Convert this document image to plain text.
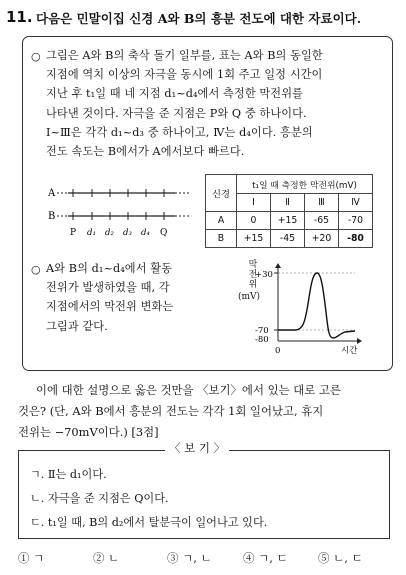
11. 다음은 민말이집 신경 A와 B의 흥분 전도에 대한 자료이다.
○ 그림은 A와 B의 축삭 돌기 일부를, 표는 A와 B의 동일한
지점에 역치 이상의 자극을 동시에 1회 주고 일정 시간이
지난 후 t₁일 때 네 지점 d₁~d₄에서 측정한 막전위를
나타낸 것이다. 자극을 준 지점은 P와 Q 중 하나이다.
Ⅰ~Ⅲ은 각각 d₁~d₃ 중 하나이고, Ⅳ는 d₄이다. 흥분의
전도 속도는 B에서가 A에서보다 빠르다.
A
B
P d₁ d₂ d₃ d₄ Q
신경	t₁일 때 측정한 막전위(mV)			
	Ⅰ	Ⅱ	Ⅲ	Ⅳ
A	0	+15	-65	-70
B	+15	-45	+20	-80
○ A와 B의 d₁~d₄에서 활동
전위가 발생하였을 때, 각
지점에서의 막전위 변화는
그림과 같다.
막
전
위
(mV)
+30
-70
-80
0	시간
이에 대한 설명으로 옳은 것만을 〈보기〉에서 있는 대로 고른
것은? (단, A와 B에서 흥분의 전도는 각각 1회 일어났고, 휴지
전위는 −70mV이다.) [3점]
〈 보 기 〉
ㄱ. Ⅱ는 d₁이다.
ㄴ. 자극을 준 지점은 Q이다.
ㄷ. t₁일 때, B의 d₂에서 탈분극이 일어나고 있다.
① ㄱ	② ㄴ	③ ㄱ, ㄴ	④ ㄱ, ㄷ	⑤ ㄴ, ㄷ
